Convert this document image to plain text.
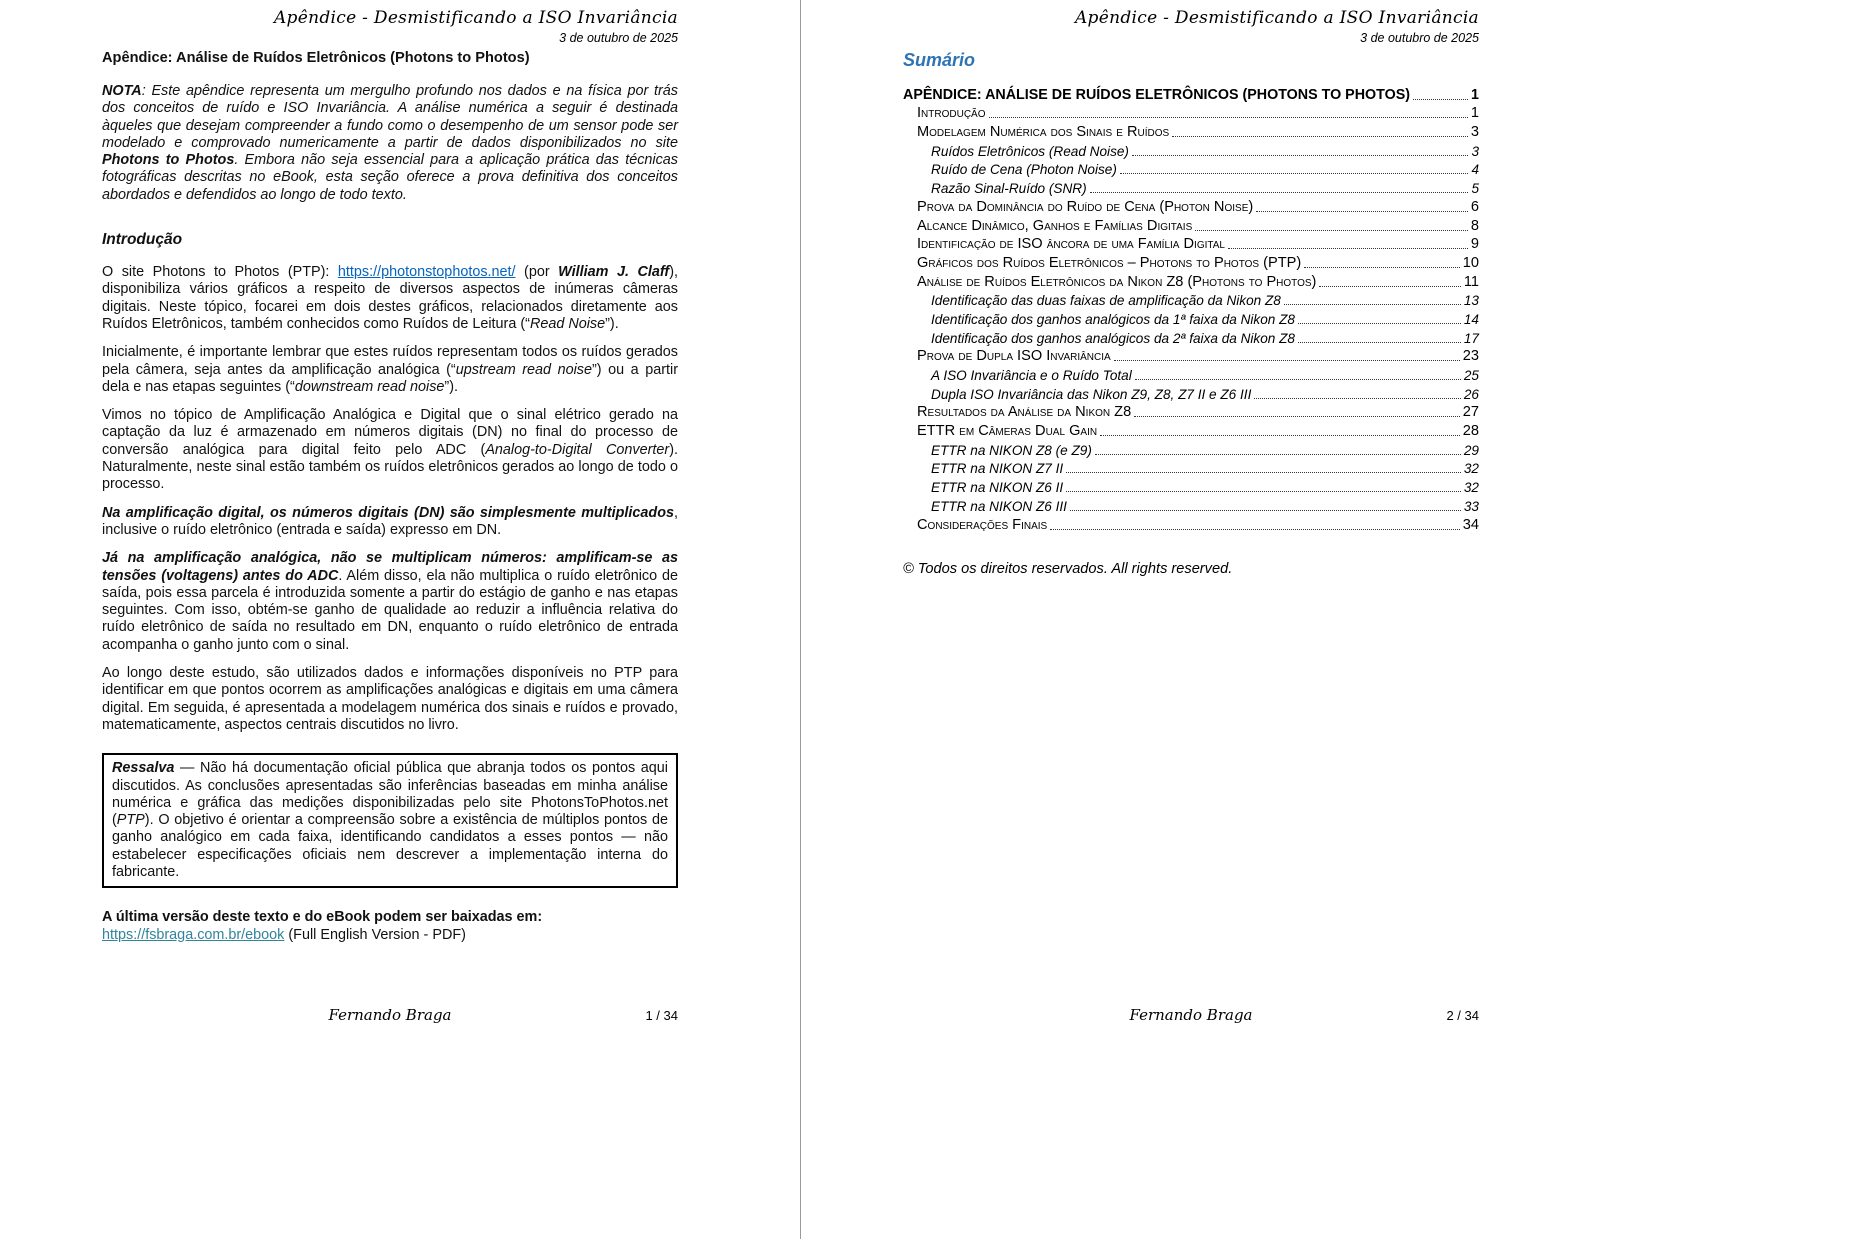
Apêndice - Desmistificando a ISO Invariância
3 de outubro de 2025
Apêndice: Análise de Ruídos Eletrônicos (Photons to Photos)

NOTA: Este apêndice representa um mergulho profundo nos dados e na física por trás dos conceitos de ruído e ISO Invariância. A análise numérica a seguir é destinada àqueles que desejam compreender a fundo como o desempenho de um sensor pode ser modelado e comprovado numericamente a partir de dados disponibilizados no site Photons to Photos. Embora não seja essencial para a aplicação prática das técnicas fotográficas descritas no eBook, esta seção oferece a prova definitiva dos conceitos abordados e defendidos ao longo de todo texto.

Introdução

O site Photons to Photos (PTP): https://photonstophotos.net/ (por William J. Claff), disponibiliza vários gráficos a respeito de diversos aspectos de inúmeras câmeras digitais. Neste tópico, focarei em dois destes gráficos, relacionados diretamente aos Ruídos Eletrônicos, também conhecidos como Ruídos de Leitura (“Read Noise”).

Inicialmente, é importante lembrar que estes ruídos representam todos os ruídos gerados pela câmera, seja antes da amplificação analógica (“upstream read noise”) ou a partir dela e nas etapas seguintes (“downstream read noise”).

Vimos no tópico de Amplificação Analógica e Digital que o sinal elétrico gerado na captação da luz é armazenado em números digitais (DN) no final do processo de conversão analógica para digital feito pelo ADC (Analog-to-Digital Converter). Naturalmente, neste sinal estão também os ruídos eletrônicos gerados ao longo de todo o processo.

Na amplificação digital, os números digitais (DN) são simplesmente multiplicados, inclusive o ruído eletrônico (entrada e saída) expresso em DN.

Já na amplificação analógica, não se multiplicam números: amplificam-se as tensões (voltagens) antes do ADC. Além disso, ela não multiplica o ruído eletrônico de saída, pois essa parcela é introduzida somente a partir do estágio de ganho e nas etapas seguintes. Com isso, obtém-se ganho de qualidade ao reduzir a influência relativa do ruído eletrônico de saída no resultado em DN, enquanto o ruído eletrônico de entrada acompanha o ganho junto com o sinal.

Ao longo deste estudo, são utilizados dados e informações disponíveis no PTP para identificar em que pontos ocorrem as amplificações analógicas e digitais em uma câmera digital. Em seguida, é apresentada a modelagem numérica dos sinais e ruídos e provado, matematicamente, aspectos centrais discutidos no livro.

Ressalva — Não há documentação oficial pública que abranja todos os pontos aqui discutidos. As conclusões apresentadas são inferências baseadas em minha análise numérica e gráfica das medições disponibilizadas pelo site PhotonsToPhotos.net (PTP). O objetivo é orientar a compreensão sobre a existência de múltiplos pontos de ganho analógico em cada faixa, identificando candidatos a esses pontos — não estabelecer especificações oficiais nem descrever a implementação interna do fabricante.

A última versão deste texto e do eBook podem ser baixadas em:

https://fsbraga.com.br/ebook (Full English Version - PDF)

Fernando Braga	1 / 34
Apêndice - Desmistificando a ISO Invariância
3 de outubro de 2025
Sumário
APÊNDICE: ANÁLISE DE RUÍDOS ELETRÔNICOS (PHOTONS TO PHOTOS)	1
Introdução	1
Modelagem Numérica dos Sinais e Ruídos	3
Ruídos Eletrônicos (Read Noise)	3
Ruído de Cena (Photon Noise)	4
Razão Sinal-Ruído (SNR)	5
Prova da Dominância do Ruído de Cena (Photon Noise)	6
Alcance Dinâmico, Ganhos e Famílias Digitais	8
Identificação de ISO âncora de uma Família Digital	9
Gráficos dos Ruídos Eletrônicos – Photons to Photos (PTP)	10
Análise de Ruídos Eletrônicos da Nikon Z8 (Photons to Photos)	11
Identificação das duas faixas de amplificação da Nikon Z8	13
Identificação dos ganhos analógicos da 1ª faixa da Nikon Z8	14
Identificação dos ganhos analógicos da 2ª faixa da Nikon Z8	17
Prova de Dupla ISO Invariância	23
A ISO Invariância e o Ruído Total	25
Dupla ISO Invariância das Nikon Z9, Z8, Z7 II e Z6 III	26
Resultados da Análise da Nikon Z8	27
ETTR em Câmeras Dual Gain	28
ETTR na NIKON Z8 (e Z9)	29
ETTR na NIKON Z7 II	32
ETTR na NIKON Z6 II	32
ETTR na NIKON Z6 III	33
Considerações Finais	34
© Todos os direitos reservados. All rights reserved.
Fernando Braga	2 / 34
